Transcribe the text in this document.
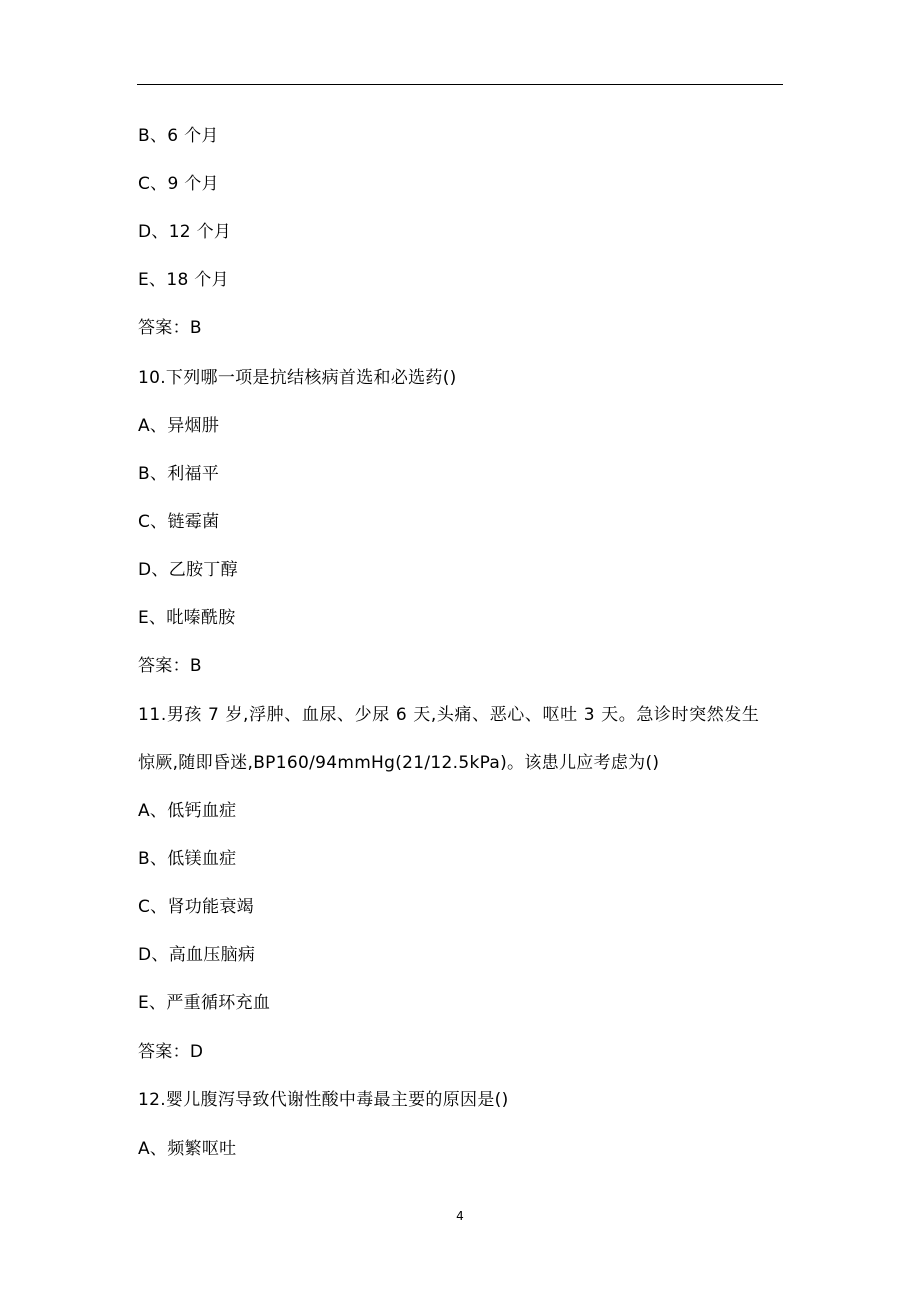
B、6 个月
C、9 个月
D、12 个月
E、18 个月
答案：B
10.下列哪一项是抗结核病首选和必选药()
A、异烟肼
B、利福平
C、链霉菌
D、乙胺丁醇
E、吡嗪酰胺
答案：B
11.男孩 7 岁,浮肿、血尿、少尿 6 天,头痛、恶心、呕吐 3 天。急诊时突然发生
惊厥,随即昏迷,BP160/94mmHg(21/12.5kPa)。该患儿应考虑为()
A、低钙血症
B、低镁血症
C、肾功能衰竭
D、高血压脑病
E、严重循环充血
答案：D
12.婴儿腹泻导致代谢性酸中毒最主要的原因是()
A、频繁呕吐
4
